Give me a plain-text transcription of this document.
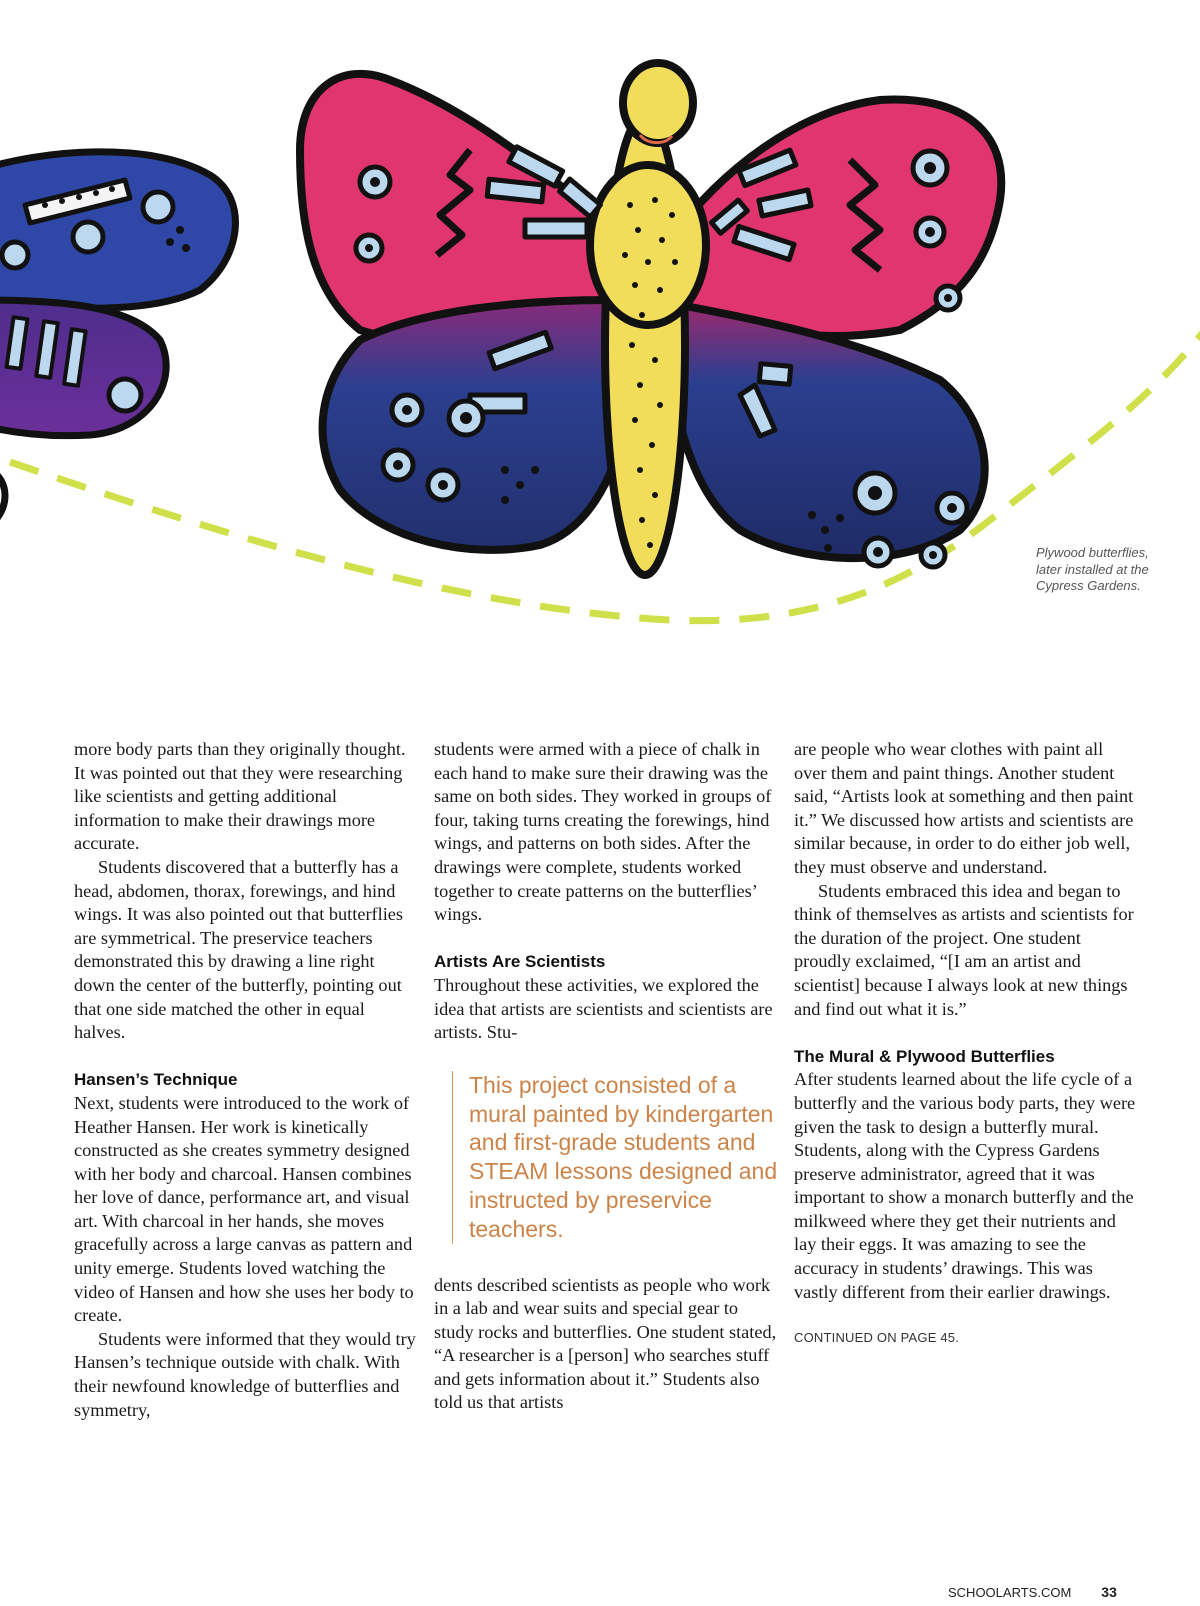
Plywood butterflies, later installed at the Cypress Gardens.

more body parts than they originally thought. It was pointed out that they were researching like scientists and getting additional information to make their drawings more accurate.

Students discovered that a butterfly has a head, abdomen, thorax, forewings, and hind wings. It was also pointed out that butterflies are symmetrical. The preservice teachers demonstrated this by drawing a line right down the center of the butterfly, pointing out that one side matched the other in equal halves.

Hansen’s Technique

Next, students were introduced to the work of Heather Hansen. Her work is kinetically constructed as she creates symmetry designed with her body and charcoal. Hansen combines her love of dance, performance art, and visual art. With charcoal in her hands, she moves gracefully across a large canvas as pattern and unity emerge. Students loved watching the video of Hansen and how she uses her body to create.

Students were informed that they would try Hansen’s technique outside with chalk. With their newfound knowledge of butterflies and symmetry,

students were armed with a piece of chalk in each hand to make sure their drawing was the same on both sides. They worked in groups of four, taking turns creating the forewings, hind wings, and patterns on both sides. After the drawings were complete, students worked together to create patterns on the butterflies’ wings.

Artists Are Scientists

Throughout these activities, we explored the idea that artists are scientists and scientists are artists. Stu-

This project consisted of a mural painted by kindergarten and first-grade students and STEAM lessons designed and instructed by preservice teachers.

dents described scientists as people who work in a lab and wear suits and special gear to study rocks and butterflies. One student stated, “A researcher is a [person] who searches stuff and gets information about it.” Students also told us that artists

are people who wear clothes with paint all over them and paint things. Another student said, “Artists look at something and then paint it.” We discussed how artists and scientists are similar because, in order to do either job well, they must observe and understand.

Students embraced this idea and began to think of themselves as artists and scientists for the duration of the project. One student proudly exclaimed, “[I am an artist and scientist] because I always look at new things and find out what it is.”

The Mural & Plywood Butterflies

After students learned about the life cycle of a butterfly and the various body parts, they were given the task to design a butterfly mural. Students, along with the Cypress Gardens preserve administrator, agreed that it was important to show a monarch butterfly and the milkweed where they get their nutrients and lay their eggs. It was amazing to see the accuracy in students’ drawings. This was vastly different from their earlier drawings.

CONTINUED ON PAGE 45.
SCHOOLARTS.COM 33
